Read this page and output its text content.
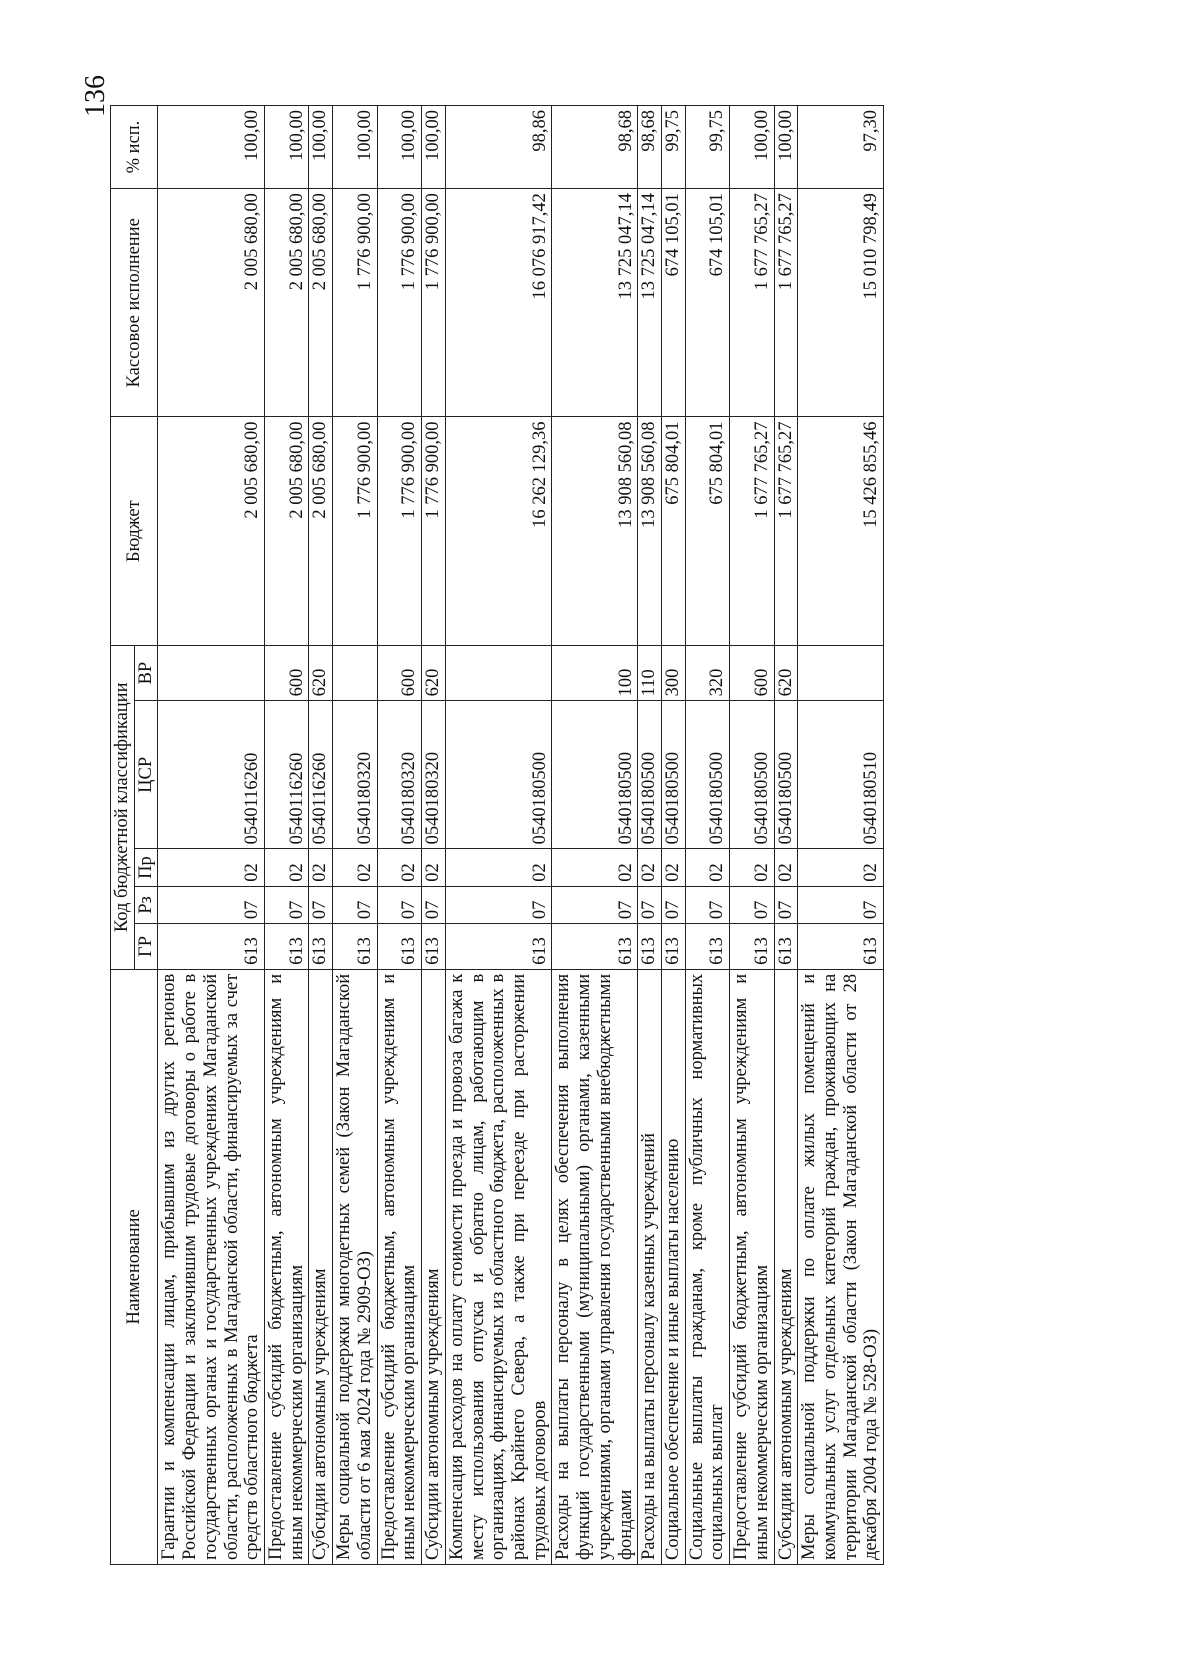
136
Наименование	Код бюджетной классификации					Бюджет	Кассовое исполнение	% исп.
	ГР	Рз	Пр	ЦСР	ВР			
Гарантии и компенсации лицам, прибывшим из других регионов Российской Федерации и заключившим трудовые договоры о работе в государственных органах и государственных учреждениях Магаданской области, расположенных в Магаданской области, финансируемых за счет средств областного бюджета	613	07	02	0540116260		2 005 680,00	2 005 680,00	100,00
Предоставление субсидий бюджетным, автономным учреждениям и иным некоммерческим организациям	613	07	02	0540116260	600	2 005 680,00	2 005 680,00	100,00
Субсидии автономным учреждениям	613	07	02	0540116260	620	2 005 680,00	2 005 680,00	100,00
Меры социальной поддержки многодетных семей (Закон Магаданской области от 6 мая 2024 года № 2909-ОЗ)	613	07	02	0540180320		1 776 900,00	1 776 900,00	100,00
Предоставление субсидий бюджетным, автономным учреждениям и иным некоммерческим организациям	613	07	02	0540180320	600	1 776 900,00	1 776 900,00	100,00
Субсидии автономным учреждениям	613	07	02	0540180320	620	1 776 900,00	1 776 900,00	100,00
Компенсация расходов на оплату стоимости проезда и провоза багажа к месту использования отпуска и обратно лицам, работающим в организациях, финансируемых из областного бюджета, расположенных в районах Крайнего Севера, а также при переезде при расторжении трудовых договоров	613	07	02	0540180500		16 262 129,36	16 076 917,42	98,86
Расходы на выплаты персоналу в целях обеспечения выполнения функций государственными (муниципальными) органами, казенными учреждениями, органами управления государственными внебюджетными фондами	613	07	02	0540180500	100	13 908 560,08	13 725 047,14	98,68
Расходы на выплаты персоналу казенных учреждений	613	07	02	0540180500	110	13 908 560,08	13 725 047,14	98,68
Социальное обеспечение и иные выплаты населению	613	07	02	0540180500	300	675 804,01	674 105,01	99,75
Социальные выплаты гражданам, кроме публичных нормативных социальных выплат	613	07	02	0540180500	320	675 804,01	674 105,01	99,75
Предоставление субсидий бюджетным, автономным учреждениям и иным некоммерческим организациям	613	07	02	0540180500	600	1 677 765,27	1 677 765,27	100,00
Субсидии автономным учреждениям	613	07	02	0540180500	620	1 677 765,27	1 677 765,27	100,00
Меры социальной поддержки по оплате жилых помещений и коммунальных услуг отдельных категорий граждан, проживающих на территории Магаданской области (Закон Магаданской области от 28 декабря 2004 года № 528-ОЗ)	613	07	02	0540180510		15 426 855,46	15 010 798,49	97,30
